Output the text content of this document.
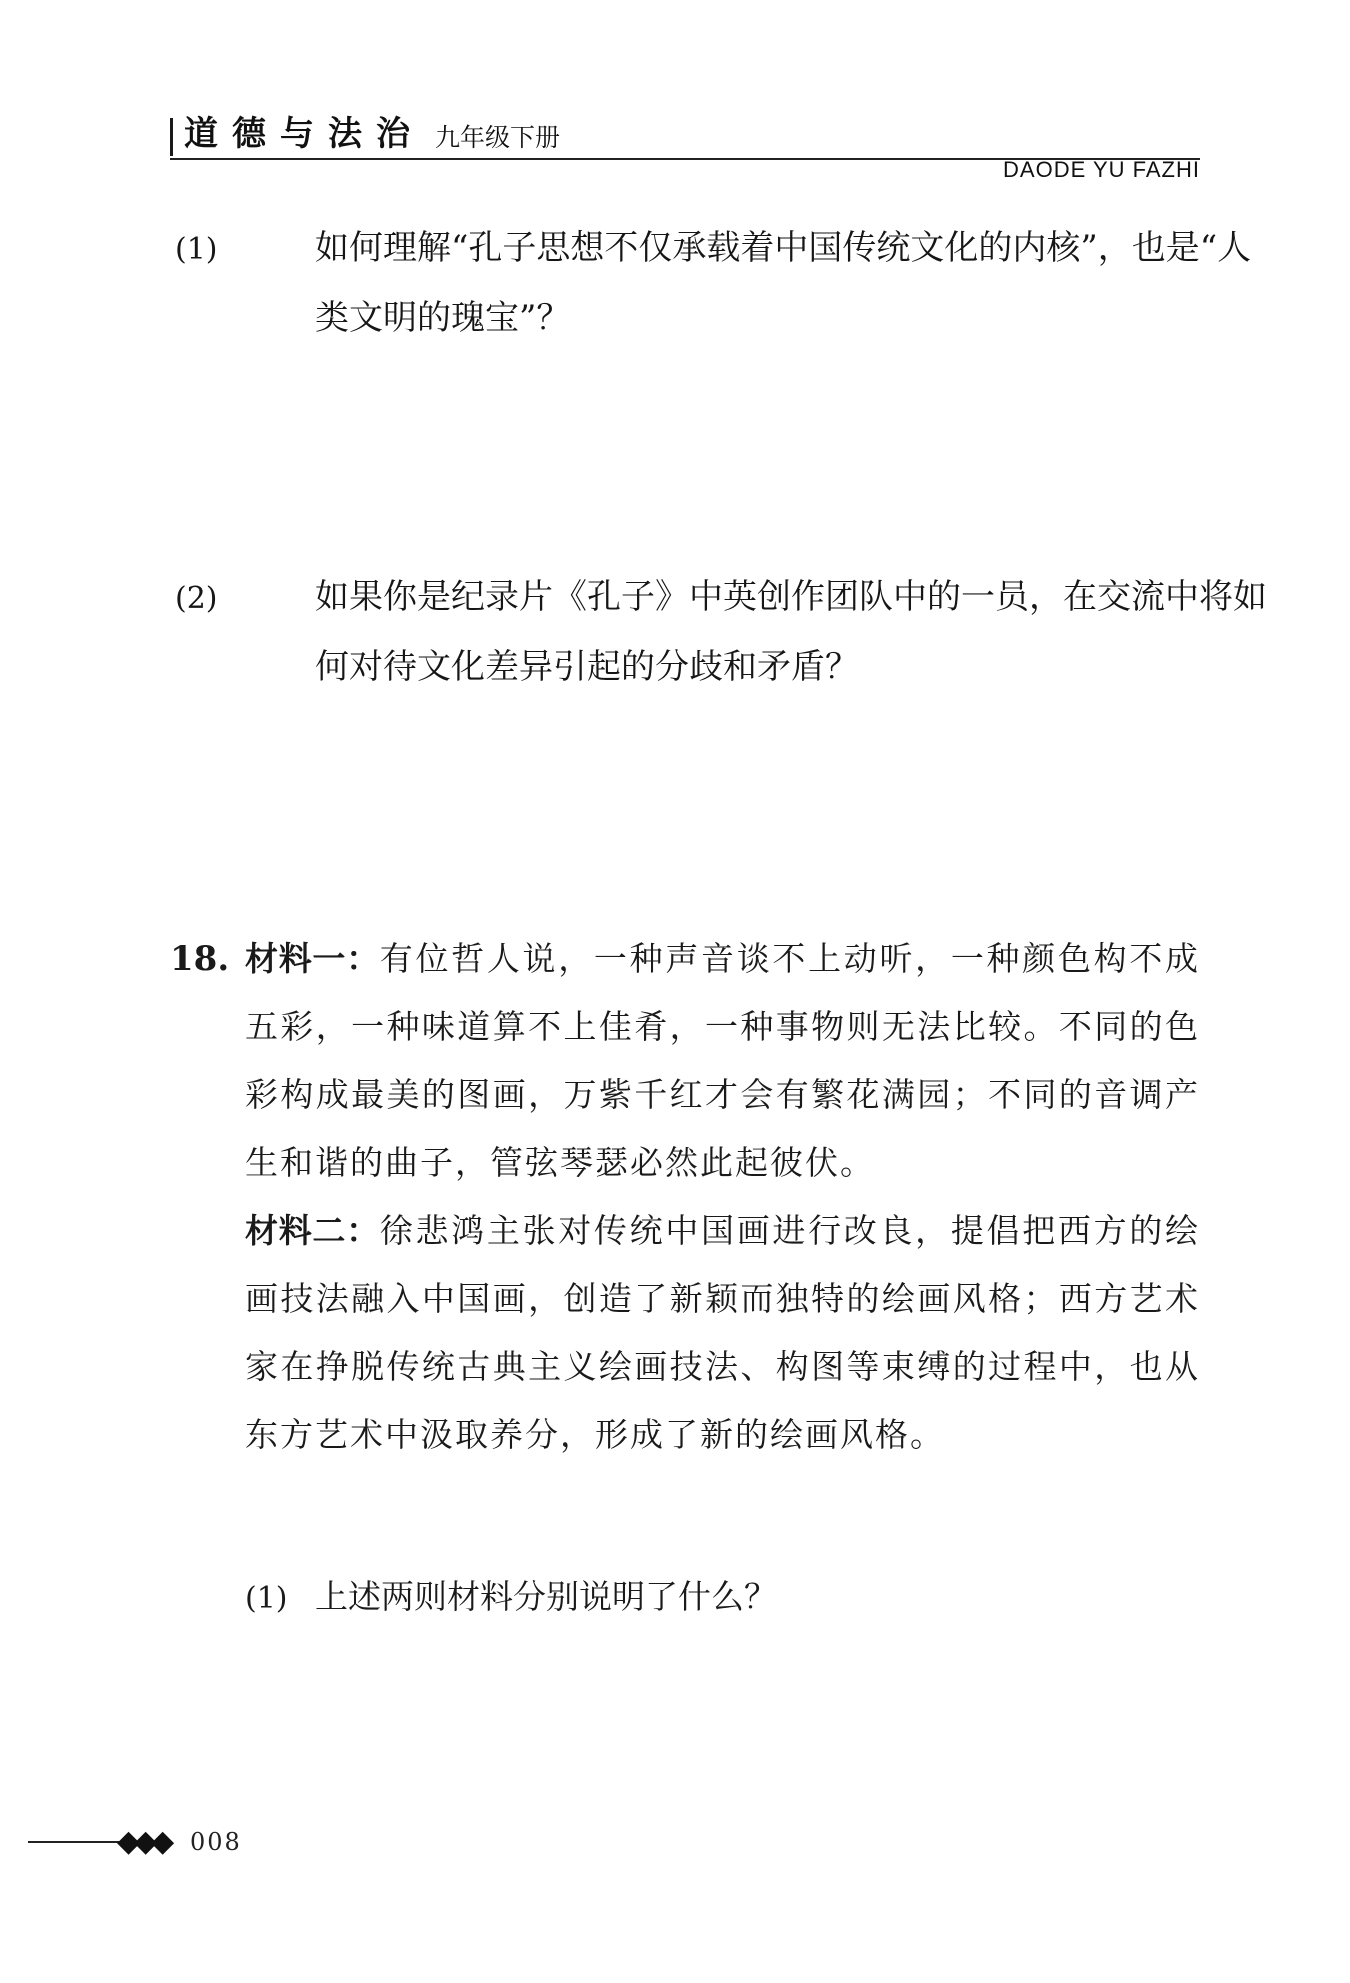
道德与法治 九年级下册
DAODE YU FAZHI

(1)	如何理解“孔子思想不仅承载着中国传统文化的内核”，也是“人类文明的瑰宝”？

(2)	如果你是纪录片《孔子》中英创作团队中的一员，在交流中将如何对待文化差异引起的分歧和矛盾？

18. 材料一：有位哲人说，一种声音谈不上动听，一种颜色构不成五彩，一种味道算不上佳肴，一种事物则无法比较。不同的色彩构成最美的图画，万紫千红才会有繁花满园；不同的音调产生和谐的曲子，管弦琴瑟必然此起彼伏。

材料二：徐悲鸿主张对传统中国画进行改良，提倡把西方的绘画技法融入中国画，创造了新颖而独特的绘画风格；西方艺术家在挣脱传统古典主义绘画技法、构图等束缚的过程中，也从东方艺术中汲取养分，形成了新的绘画风格。

(1) 上述两则材料分别说明了什么？

◆◆◆ 008
